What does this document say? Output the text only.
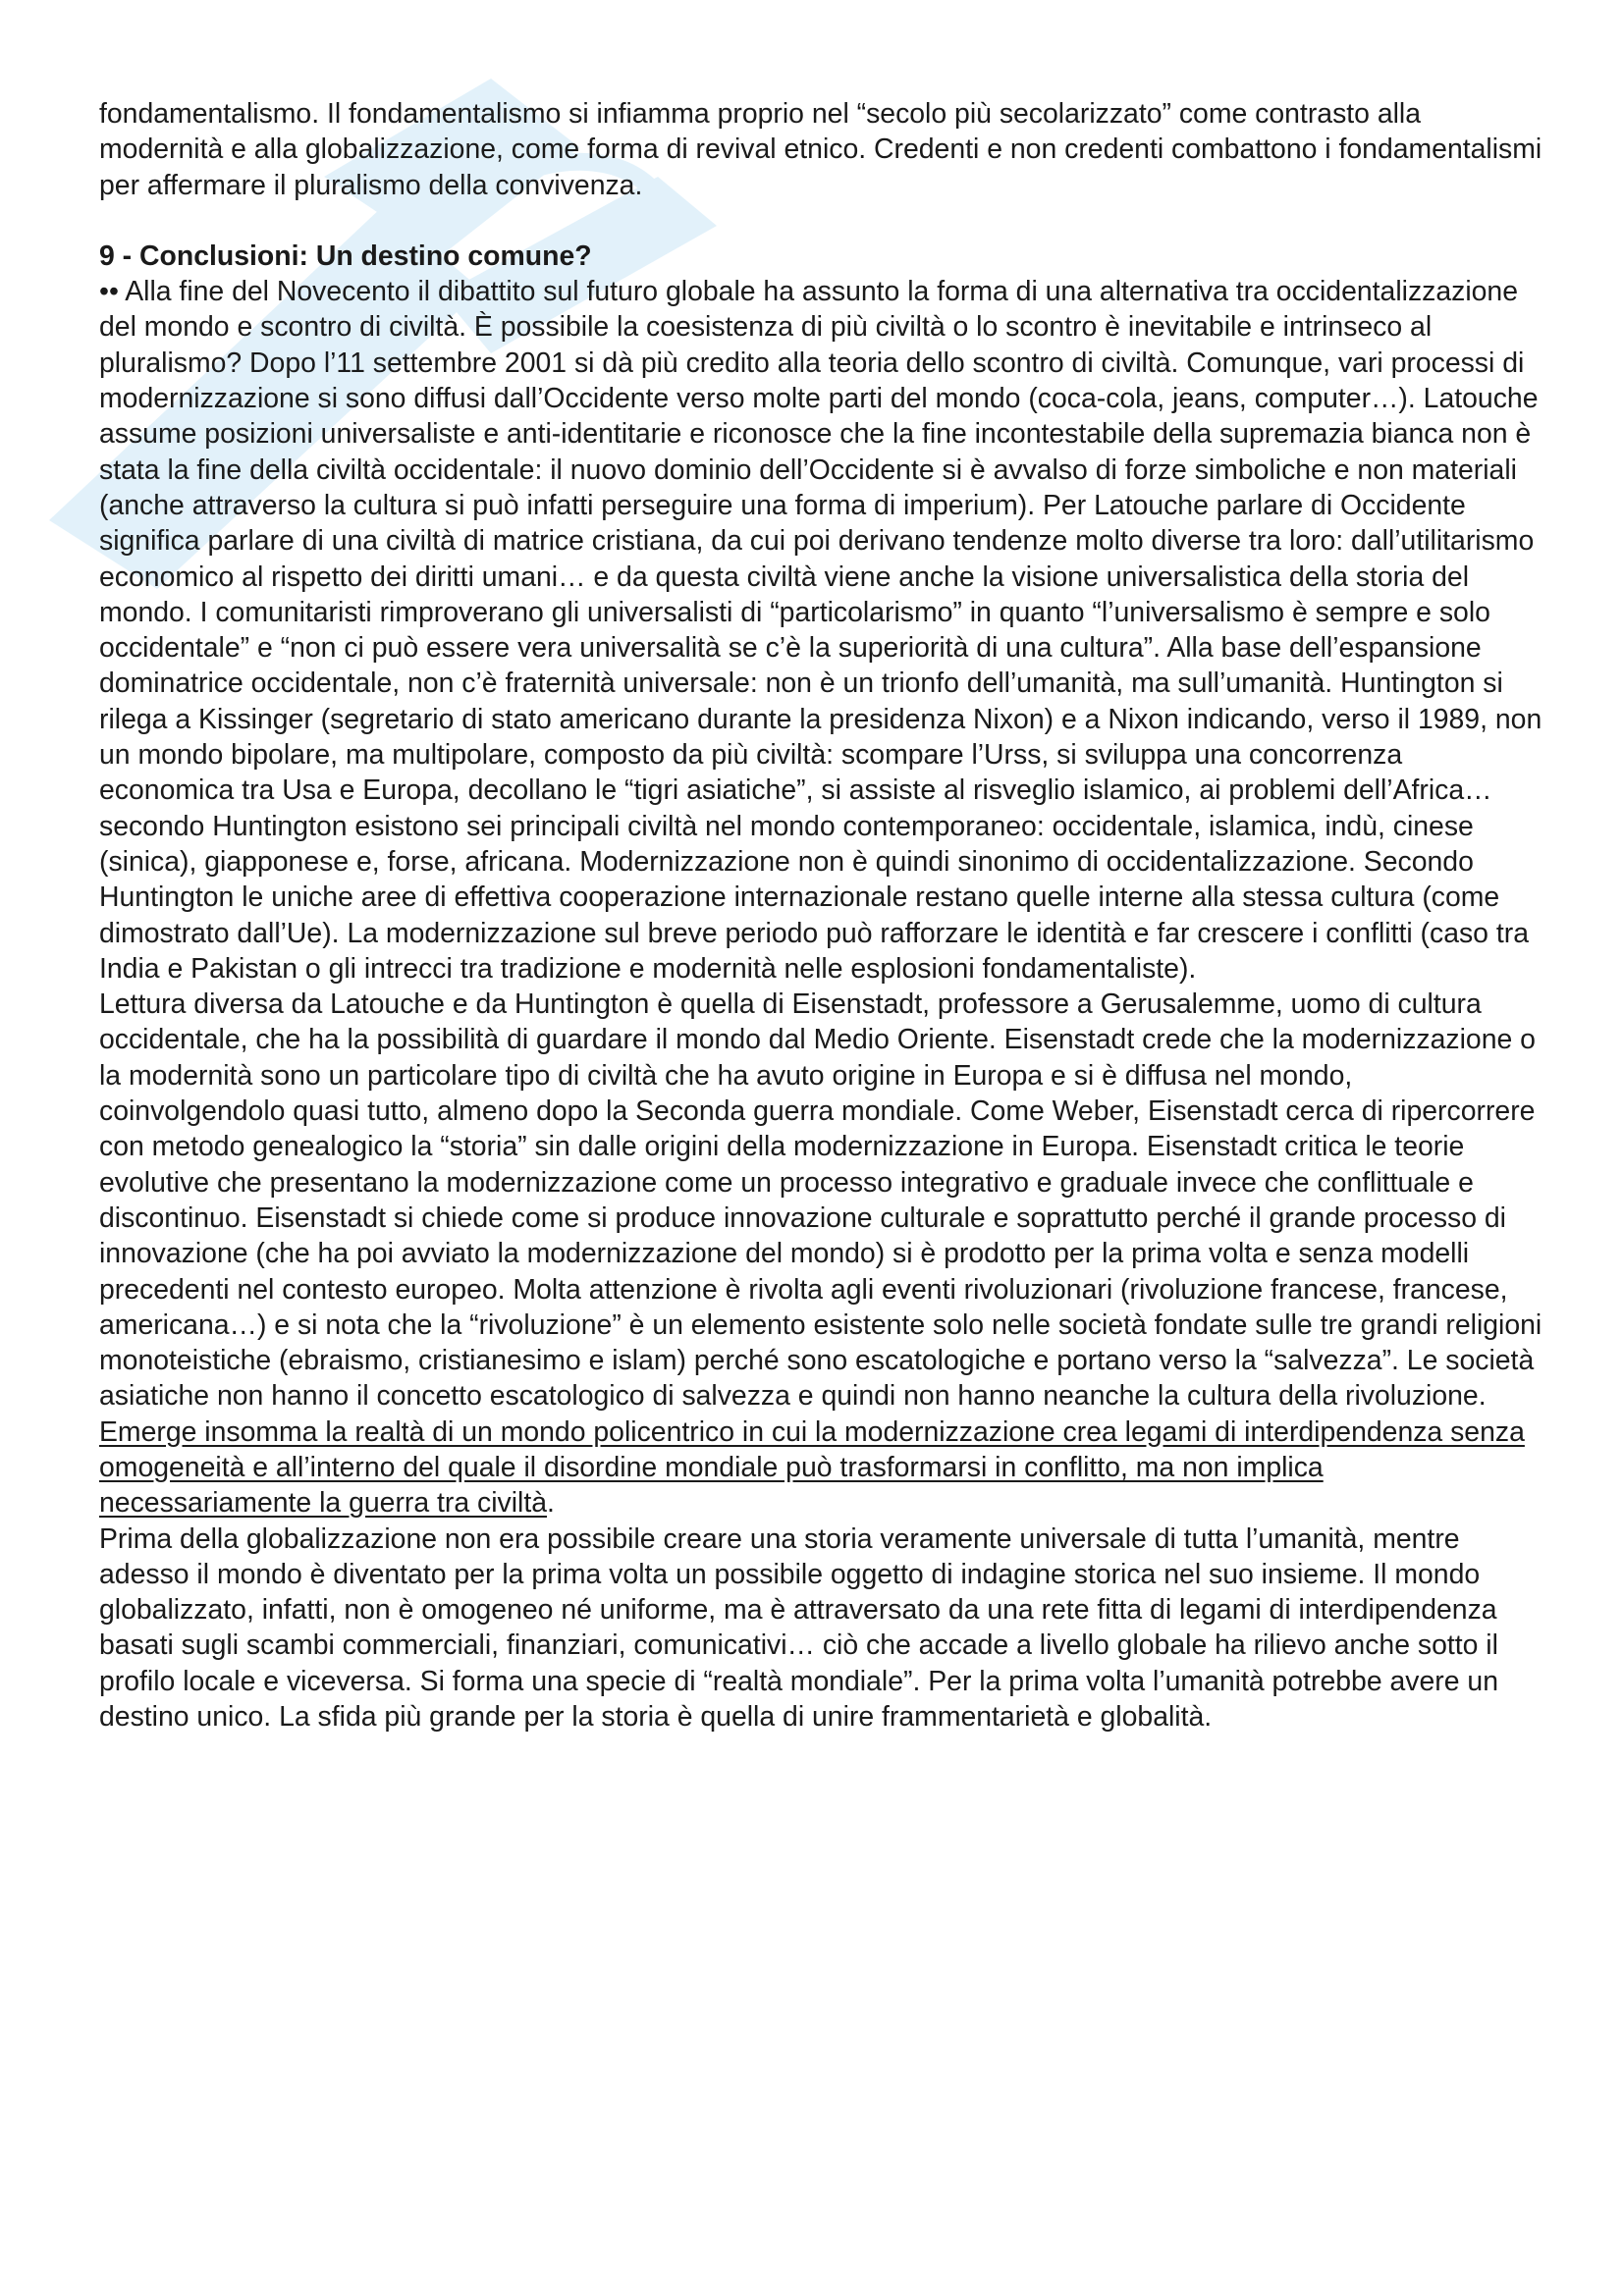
fondamentalismo. Il fondamentalismo si infiamma proprio nel “secolo più secolarizzato” come contrasto alla modernità e alla globalizzazione, come forma di revival etnico. Credenti e non credenti combattono i fondamentalismi per affermare il pluralismo della convivenza.

9 - Conclusioni: Un destino comune?

•• Alla fine del Novecento il dibattito sul futuro globale ha assunto la forma di una alternativa tra occidentalizzazione del mondo e scontro di civiltà. È possibile la coesistenza di più civiltà o lo scontro è inevitabile e intrinseco al pluralismo? Dopo l’11 settembre 2001 si dà più credito alla teoria dello scontro di civiltà. Comunque, vari processi di modernizzazione si sono diffusi dall’Occidente verso molte parti del mondo (coca-cola, jeans, computer…). Latouche assume posizioni universaliste e anti-identitarie e riconosce che la fine incontestabile della supremazia bianca non è stata la fine della civiltà occidentale: il nuovo dominio dell’Occidente si è avvalso di forze simboliche e non materiali (anche attraverso la cultura si può infatti perseguire una forma di imperium). Per Latouche parlare di Occidente significa parlare di una civiltà di matrice cristiana, da cui poi derivano tendenze molto diverse tra loro: dall’utilitarismo economico al rispetto dei diritti umani… e da questa civiltà viene anche la visione universalistica della storia del mondo. I comunitaristi rimproverano gli universalisti di “particolarismo” in quanto “l’universalismo è sempre e solo occidentale” e “non ci può essere vera universalità se c’è la superiorità di una cultura”. Alla base dell’espansione dominatrice occidentale, non c’è fraternità universale: non è un trionfo dell’umanità, ma sull’umanità. Huntington si rilega a Kissinger (segretario di stato americano durante la presidenza Nixon) e a Nixon indicando, verso il 1989, non un mondo bipolare, ma multipolare, composto da più civiltà: scompare l’Urss, si sviluppa una concorrenza economica tra Usa e Europa, decollano le “tigri asiatiche”, si assiste al risveglio islamico, ai problemi dell’Africa… secondo Huntington esistono sei principali civiltà nel mondo contemporaneo: occidentale, islamica, indù, cinese (sinica), giapponese e, forse, africana. Modernizzazione non è quindi sinonimo di occidentalizzazione. Secondo Huntington le uniche aree di effettiva cooperazione internazionale restano quelle interne alla stessa cultura (come dimostrato dall’Ue). La modernizzazione sul breve periodo può rafforzare le identità e far crescere i conflitti (caso tra India e Pakistan o gli intrecci tra tradizione e modernità nelle esplosioni fondamentaliste).

Lettura diversa da Latouche e da Huntington è quella di Eisenstadt, professore a Gerusalemme, uomo di cultura occidentale, che ha la possibilità di guardare il mondo dal Medio Oriente. Eisenstadt crede che la modernizzazione o la modernità sono un particolare tipo di civiltà che ha avuto origine in Europa e si è diffusa nel mondo, coinvolgendolo quasi tutto, almeno dopo la Seconda guerra mondiale. Come Weber, Eisenstadt cerca di ripercorrere con metodo genealogico la “storia” sin dalle origini della modernizzazione in Europa. Eisenstadt critica le teorie evolutive che presentano la modernizzazione come un processo integrativo e graduale invece che conflittuale e discontinuo. Eisenstadt si chiede come si produce innovazione culturale e soprattutto perché il grande processo di innovazione (che ha poi avviato la modernizzazione del mondo) si è prodotto per la prima volta e senza modelli precedenti nel contesto europeo. Molta attenzione è rivolta agli eventi rivoluzionari (rivoluzione francese, francese, americana…) e si nota che la “rivoluzione” è un elemento esistente solo nelle società fondate sulle tre grandi religioni monoteistiche (ebraismo, cristianesimo e islam) perché sono escatologiche e portano verso la “salvezza”. Le società asiatiche non hanno il concetto escatologico di salvezza e quindi non hanno neanche la cultura della rivoluzione.

Emerge insomma la realtà di un mondo policentrico in cui la modernizzazione crea legami di interdipendenza senza omogeneità e all’interno del quale il disordine mondiale può trasformarsi in conflitto, ma non implica necessariamente la guerra tra civiltà.

Prima della globalizzazione non era possibile creare una storia veramente universale di tutta l’umanità, mentre adesso il mondo è diventato per la prima volta un possibile oggetto di indagine storica nel suo insieme. Il mondo globalizzato, infatti, non è omogeneo né uniforme, ma è attraversato da una rete fitta di legami di interdipendenza basati sugli scambi commerciali, finanziari, comunicativi… ciò che accade a livello globale ha rilievo anche sotto il profilo locale e viceversa. Si forma una specie di “realtà mondiale”. Per la prima volta l’umanità potrebbe avere un destino unico. La sfida più grande per la storia è quella di unire frammentarietà e globalità.
